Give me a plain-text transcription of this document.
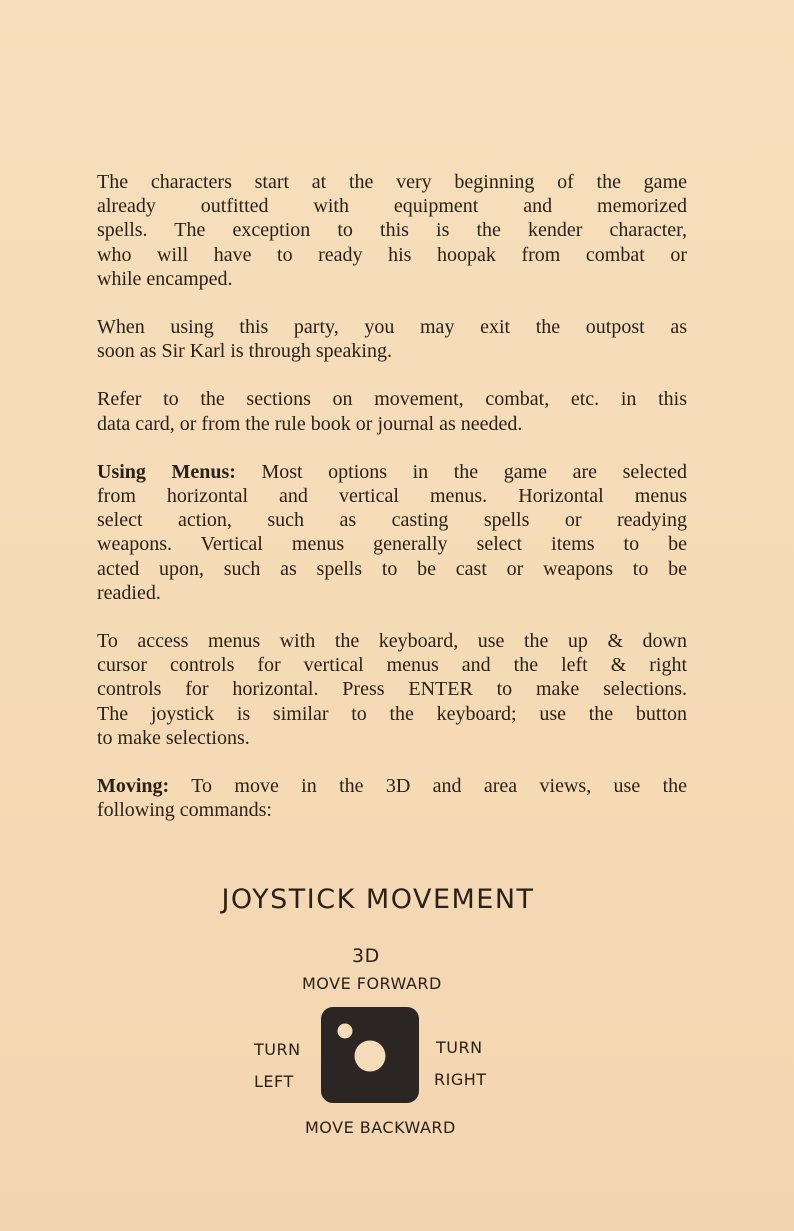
The characters start at the very beginning of the game
already outfitted with equipment and memorized
spells. The exception to this is the kender character,
who will have to ready his hoopak from combat or
while encamped.

When using this party, you may exit the outpost as
soon as Sir Karl is through speaking.

Refer to the sections on movement, combat, etc. in this
data card, or from the rule book or journal as needed.

Using Menus: Most options in the game are selected
from horizontal and vertical menus. Horizontal menus
select action, such as casting spells or readying
weapons. Vertical menus generally select items to be
acted upon, such as spells to be cast or weapons to be
readied.

To access menus with the keyboard, use the up & down
cursor controls for vertical menus and the left & right
controls for horizontal. Press ENTER to make selections.
The joystick is similar to the keyboard; use the button
to make selections.

Moving: To move in the 3D and area views, use the
following commands:

JOYSTICK MOVEMENT
3D
MOVE FORWARD
TURN
LEFT
TURN
RIGHT
MOVE BACKWARD
